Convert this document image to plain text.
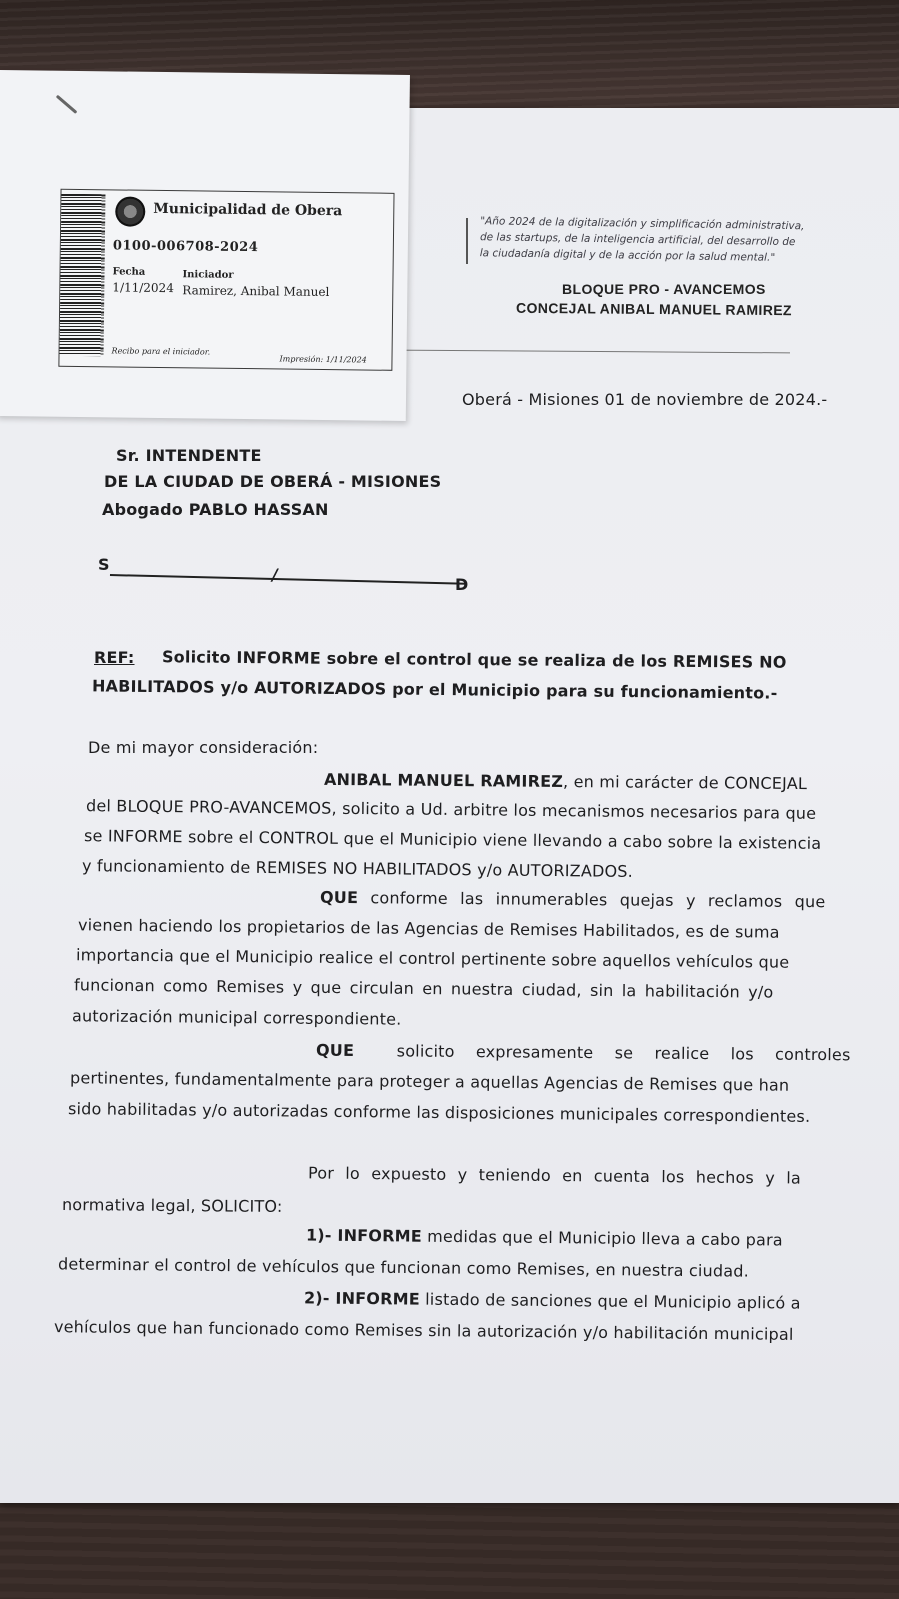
"Año 2024 de la digitalización y simplificación administrativa,
de las startups, de la inteligencia artificial, del desarrollo de
la ciudadanía digital y de la acción por la salud mental."
BLOQUE PRO - AVANCEMOS
CONCEJAL ANIBAL MANUEL RAMIREZ
Oberá - Misiones 01 de noviembre de 2024.-
Sr. INTENDENTE
DE LA CIUDAD DE OBERÁ - MISIONES
Abogado PABLO HASSAN
S
/
D
REF: Solicito INFORME sobre el control que se realiza de los REMISES NO
HABILITADOS y/o AUTORIZADOS por el Municipio para su funcionamiento.-
De mi mayor consideración:
ANIBAL MANUEL RAMIREZ, en mi carácter de CONCEJAL
del BLOQUE PRO-AVANCEMOS, solicito a Ud. arbitre los mecanismos necesarios para que
se INFORME sobre el CONTROL que el Municipio viene llevando a cabo sobre la existencia
y funcionamiento de REMISES NO HABILITADOS y/o AUTORIZADOS.
QUE conforme las innumerables quejas y reclamos que
vienen haciendo los propietarios de las Agencias de Remises Habilitados, es de suma
importancia que el Municipio realice el control pertinente sobre aquellos vehículos que
funcionan como Remises y que circulan en nuestra ciudad, sin la habilitación y/o
autorización municipal correspondiente.
QUE	solicito expresamente se realice los controles
pertinentes, fundamentalmente para proteger a aquellas Agencias de Remises que han
sido habilitadas y/o autorizadas conforme las disposiciones municipales correspondientes.
Por lo expuesto y teniendo en cuenta los hechos y la
normativa legal, SOLICITO:
1)- INFORME medidas que el Municipio lleva a cabo para
determinar el control de vehículos que funcionan como Remises, en nuestra ciudad.
2)- INFORME listado de sanciones que el Municipio aplicó a
vehículos que han funcionado como Remises sin la autorización y/o habilitación municipal
Municipalidad de Obera
0100-006708-2024
Fecha	Iniciador
1/11/2024 Ramirez, Anibal Manuel
Recibo para el iniciador.
Impresión: 1/11/2024
